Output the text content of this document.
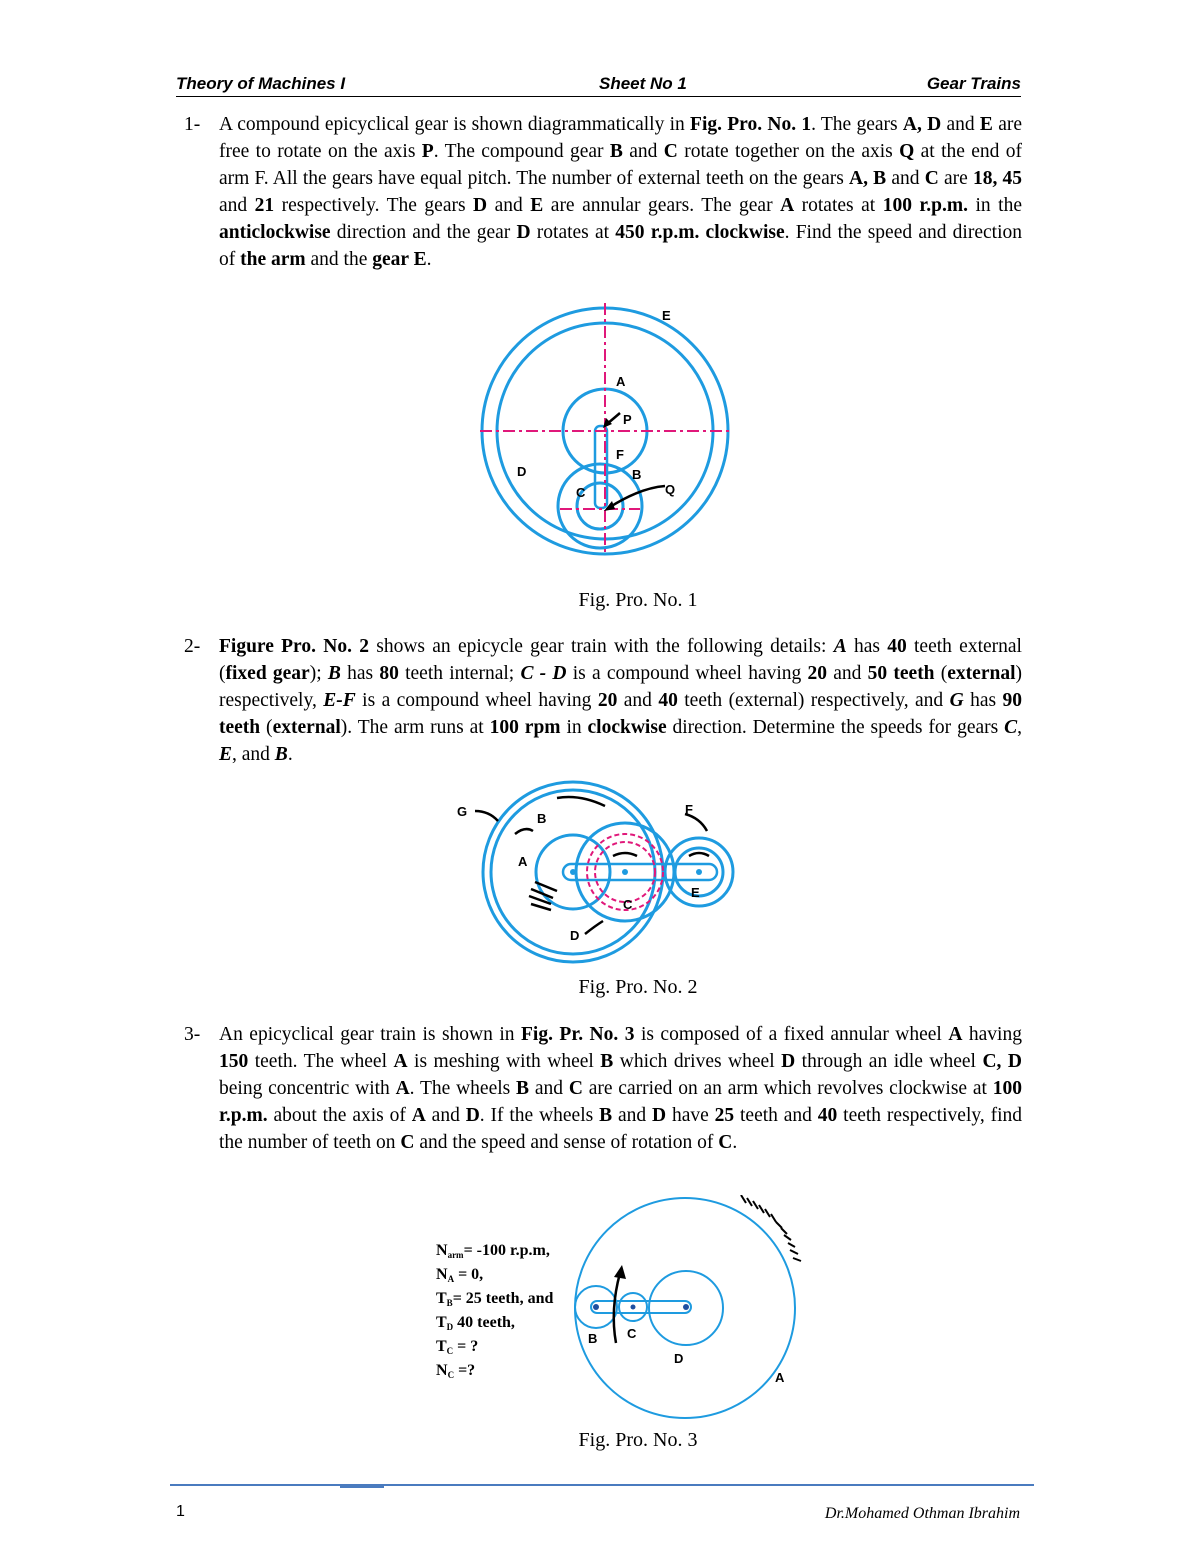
Theory of Machines I	Sheet No 1	Gear Trains
1- A compound epicyclical gear is shown diagrammatically in Fig. Pro. No. 1. The gears A, D and E are free to rotate on the axis P. The compound gear B and C rotate together on the axis Q at the end of arm F. All the gears have equal pitch. The number of external teeth on the gears A, B and C are 18, 45 and 21 respectively. The gears D and E are annular gears. The gear A rotates at 100 r.p.m. in the anticlockwise direction and the gear D rotates at 450 r.p.m. clockwise. Find the speed and direction of the arm and the gear E.
E
A
P
F
D	B
C	Q
Fig. Pro. No. 1
2- Figure Pro. No. 2 shows an epicycle gear train with the following details: A has 40 teeth external (fixed gear); B has 80 teeth internal; C - D is a compound wheel having 20 and 50 teeth (external) respectively, E-F is a compound wheel having 20 and 40 teeth (external) respectively, and G has 90 teeth (external). The arm runs at 100 rpm in clockwise direction. Determine the speeds for gears C, E, and B.
G	B
F
A
E
C
D
Fig. Pro. No. 2
3- An epicyclical gear train is shown in Fig. Pr. No. 3 is composed of a fixed annular wheel A having 150 teeth. The wheel A is meshing with wheel B which drives wheel D through an idle wheel C, D being concentric with A. The wheels B and C are carried on an arm which revolves clockwise at 100 r.p.m. about the axis of A and D. If the wheels B and D have 25 teeth and 40 teeth respectively, find the number of teeth on C and the speed and sense of rotation of C.
Narm= -100 r.p.m,
NA = 0,
TB= 25 teeth, and
TD 40 teeth,
TC = ?
NC =?
B C
D
A
Fig. Pro. No. 3
1	Dr.Mohamed Othman Ibrahim
